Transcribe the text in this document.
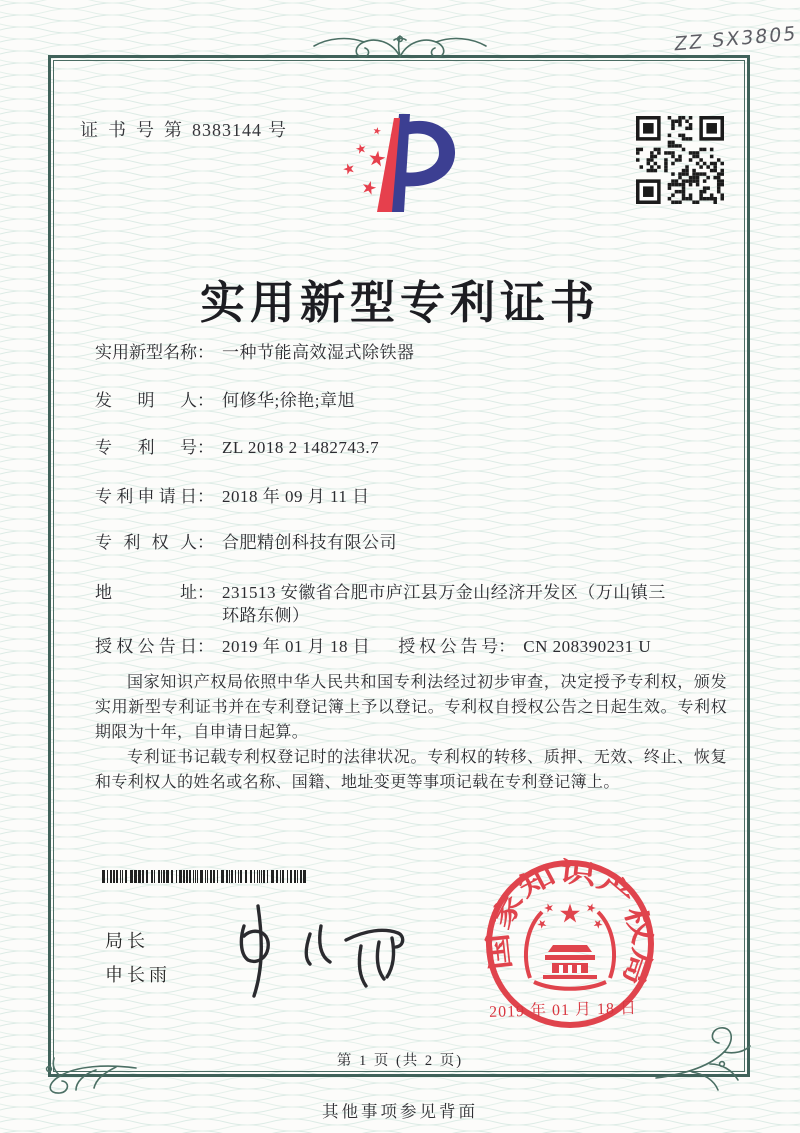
ZZ SX3805
证书号第8383144 号
实用新型专利证书
实用新型名称： 一种节能高效湿式除铁器
发明人： 何修华;徐艳;章旭
专利号： ZL 2018 2 1482743.7
专利申请日： 2018 年 09 月 11 日
专利权人： 合肥精创科技有限公司
地址： 231513 安徽省合肥市庐江县万金山经济开发区（万山镇三环路东侧）
授权公告日： 2019 年 01 月 18 日 授权公告号： CN 208390231 U

国家知识产权局依照中华人民共和国专利法经过初步审查，决定授予专利权，颁发实用新型专利证书并在专利登记簿上予以登记。专利权自授权公告之日起生效。专利权期限为十年，自申请日起算。

专利证书记载专利权登记时的法律状况。专利权的转移、质押、无效、终止、恢复和专利权人的姓名或名称、国籍、地址变更等事项记载在专利登记簿上。

局长
申长雨
国家知识产权局
2019 年 01 月 18 日
第 1 页 (共 2 页)
其他事项参见背面
